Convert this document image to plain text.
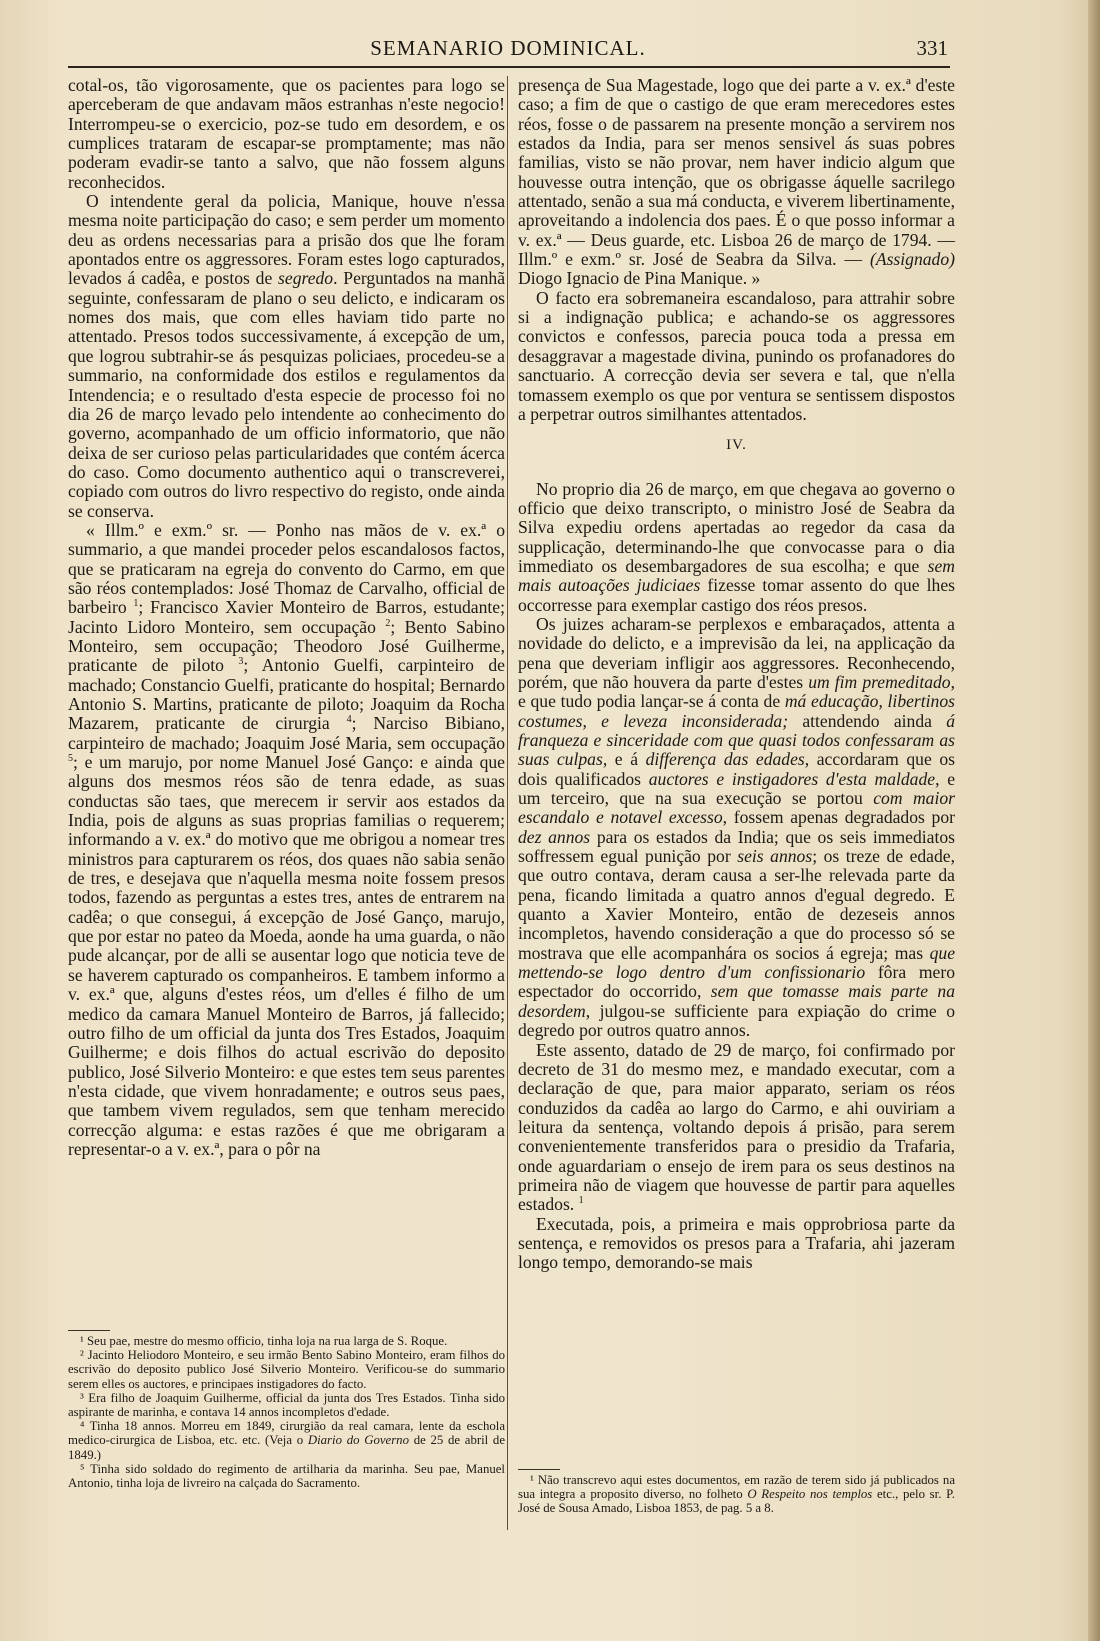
SEMANARIO DOMINICAL.	331

cotal-os, tão vigorosamente, que os pacientes para logo se aperceberam de que andavam mãos estranhas n'este negocio! Interrompeu-se o exercicio, poz-se tudo em desordem, e os cumplices trataram de escapar-se promptamente; mas não poderam evadir-se tanto a salvo, que não fossem alguns reconhecidos.

O intendente geral da policia, Manique, houve n'essa mesma noite participação do caso; e sem perder um momento deu as ordens necessarias para a prisão dos que lhe foram apontados entre os aggressores. Foram estes logo capturados, levados á cadêa, e postos de segredo. Perguntados na manhã seguinte, confessaram de plano o seu delicto, e indicaram os nomes dos mais, que com elles haviam tido parte no attentado. Presos todos successivamente, á excepção de um, que logrou subtrahir-se ás pesquizas policiaes, procedeu-se a summario, na conformidade dos estilos e regulamentos da Intendencia; e o resultado d'esta especie de processo foi no dia 26 de março levado pelo intendente ao conhecimento do governo, acompanhado de um officio informatorio, que não deixa de ser curioso pelas particularidades que contém ácerca do caso. Como documento authentico aqui o transcreverei, copiado com outros do livro respectivo do registo, onde ainda se conserva.

« Illm.º e exm.º sr. — Ponho nas mãos de v. ex.ª o summario, a que mandei proceder pelos escandalosos factos, que se praticaram na egreja do convento do Carmo, em que são réos contemplados: José Thomaz de Carvalho, official de barbeiro $^1$; Francisco Xavier Monteiro de Barros, estudante; Jacinto Lidoro Monteiro, sem occupação $^2$; Bento Sabino Monteiro, sem occupação; Theodoro José Guilherme, praticante de piloto $^3$; Antonio Guelfi, carpinteiro de machado; Constancio Guelfi, praticante do hospital; Bernardo Antonio S. Martins, praticante de piloto; Joaquim da Rocha Mazarem, praticante de cirurgia $^4$; Narciso Bibiano, carpinteiro de machado; Joaquim José Maria, sem occupação $^5$; e um marujo, por nome Manuel José Ganço: e ainda que alguns dos mesmos réos são de tenra edade, as suas conductas são taes, que merecem ir servir aos estados da India, pois de alguns as suas proprias familias o requerem; informando a v. ex.ª do motivo que me obrigou a nomear tres ministros para capturarem os réos, dos quaes não sabia senão de tres, e desejava que n'aquella mesma noite fossem presos todos, fazendo as perguntas a estes tres, antes de entrarem na cadêa; o que consegui, á excepção de José Ganço, marujo, que por estar no pateo da Moeda, aonde ha uma guarda, o não pude alcançar, por de alli se ausentar logo que noticia teve de se haverem capturado os companheiros. E tambem informo a v. ex.ª que, alguns d'estes réos, um d'elles é filho de um medico da camara Manuel Monteiro de Barros, já fallecido; outro filho de um official da junta dos Tres Estados, Joaquim Guilherme; e dois filhos do actual escrivão do deposito publico, José Silverio Monteiro: e que estes tem seus parentes n'esta cidade, que vivem honradamente; e outros seus paes, que tambem vivem regulados, sem que tenham merecido correcção alguma: e estas razões é que me obrigaram a representar-o a v. ex.ª, para o pôr na

presença de Sua Magestade, logo que dei parte a v. ex.ª d'este caso; a fim de que o castigo de que eram merecedores estes réos, fosse o de passarem na presente monção a servirem nos estados da India, para ser menos sensivel ás suas pobres familias, visto se não provar, nem haver indicio algum que houvesse outra intenção, que os obrigasse áquelle sacrilego attentado, senão a sua má conducta, e viverem libertinamente, aproveitando a indolencia dos paes. É o que posso informar a v. ex.ª — Deus guarde, etc. Lisboa 26 de março de 1794. — Illm.º e exm.º sr. José de Seabra da Silva. — (Assignado) Diogo Ignacio de Pina Manique. »

O facto era sobremaneira escandaloso, para attrahir sobre si a indignação publica; e achando-se os aggressores convictos e confessos, parecia pouca toda a pressa em desaggravar a magestade divina, punindo os profanadores do sanctuario. A correcção devia ser severa e tal, que n'ella tomassem exemplo os que por ventura se sentissem dispostos a perpetrar outros similhantes attentados.

IV.

No proprio dia 26 de março, em que chegava ao governo o officio que deixo transcripto, o ministro José de Seabra da Silva expediu ordens apertadas ao regedor da casa da supplicação, determinando-lhe que convocasse para o dia immediato os desembargadores de sua escolha; e que sem mais autoações judiciaes fizesse tomar assento do que lhes occorresse para exemplar castigo dos réos presos.

Os juizes acharam-se perplexos e embaraçados, attenta a novidade do delicto, e a imprevisão da lei, na applicação da pena que deveriam infligir aos aggressores. Reconhecendo, porém, que não houvera da parte d'estes um fim premeditado, e que tudo podia lançar-se á conta de má educação, libertinos costumes, e leveza inconsiderada; attendendo ainda á franqueza e sinceridade com que quasi todos confessaram as suas culpas, e á differença das edades, accordaram que os dois qualificados auctores e instigadores d'esta maldade, e um terceiro, que na sua execução se portou com maior escandalo e notavel excesso, fossem apenas degradados por dez annos para os estados da India; que os seis immediatos soffressem egual punição por seis annos; os treze de edade, que outro contava, deram causa a ser-lhe relevada parte da pena, ficando limitada a quatro annos d'egual degredo. E quanto a Xavier Monteiro, então de dezeseis annos incompletos, havendo consideração a que do processo só se mostrava que elle acompanhára os socios á egreja; mas que mettendo-se logo dentro d'um confissionario fôra mero espectador do occorrido, sem que tomasse mais parte na desordem, julgou-se sufficiente para expiação do crime o degredo por outros quatro annos.

Este assento, datado de 29 de março, foi confirmado por decreto de 31 do mesmo mez, e mandado executar, com a declaração de que, para maior apparato, seriam os réos conduzidos da cadêa ao largo do Carmo, e ahi ouviriam a leitura da sentença, voltando depois á prisão, para serem convenientemente transferidos para o presidio da Trafaria, onde aguardariam o ensejo de irem para os seus destinos na primeira não de viagem que houvesse de partir para aquelles estados. $^1$

Executada, pois, a primeira e mais opprobriosa parte da sentença, e removidos os presos para a Trafaria, ahi jazeram longo tempo, demorando-se mais

¹ Seu pae, mestre do mesmo officio, tinha loja na rua larga de S. Roque.

² Jacinto Heliodoro Monteiro, e seu irmão Bento Sabino Monteiro, eram filhos do escrivão do deposito publico José Silverio Monteiro. Verificou-se do summario serem elles os auctores, e principaes instigadores do facto.

³ Era filho de Joaquim Guilherme, official da junta dos Tres Estados. Tinha sido aspirante de marinha, e contava 14 annos incompletos d'edade.

⁴ Tinha 18 annos. Morreu em 1849, cirurgião da real camara, lente da eschola medico-cirurgica de Lisboa, etc. etc. (Veja o Diario do Governo de 25 de abril de 1849.)

⁵ Tinha sido soldado do regimento de artilharia da marinha. Seu pae, Manuel Antonio, tinha loja de livreiro na calçada do Sacramento.	¹ Não transcrevo aqui estes documentos, em razão de terem sido já publicados na sua integra a proposito diverso, no folheto O Respeito nos templos etc., pelo sr. P. José de Sousa Amado, Lisboa 1853, de pag. 5 a 8.
